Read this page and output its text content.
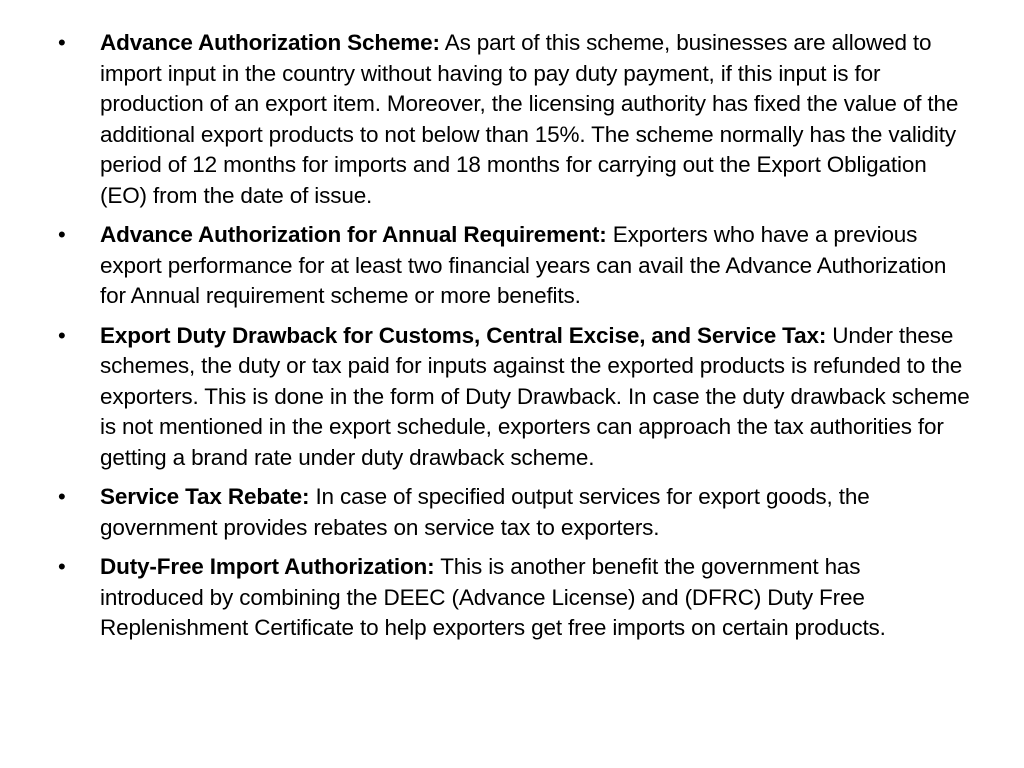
• Advance Authorization Scheme: As part of this scheme, businesses are allowed to import input in the country without having to pay duty payment, if this input is for production of an export item. Moreover, the licensing authority has fixed the value of the additional export products to not below than 15%. The scheme normally has the validity period of 12 months for imports and 18 months for carrying out the Export Obligation (EO) from the date of issue.
• Advance Authorization for Annual Requirement: Exporters who have a previous export performance for at least two financial years can avail the Advance Authorization for Annual requirement scheme or more benefits.
• Export Duty Drawback for Customs, Central Excise, and Service Tax: Under these schemes, the duty or tax paid for inputs against the exported products is refunded to the exporters. This is done in the form of Duty Drawback. In case the duty drawback scheme is not mentioned in the export schedule, exporters can approach the tax authorities for getting a brand rate under duty drawback scheme.
• Service Tax Rebate: In case of specified output services for export goods, the government provides rebates on service tax to exporters.
• Duty-Free Import Authorization: This is another benefit the government has introduced by combining the DEEC (Advance License) and (DFRC) Duty Free Replenishment Certificate to help exporters get free imports on certain products.
